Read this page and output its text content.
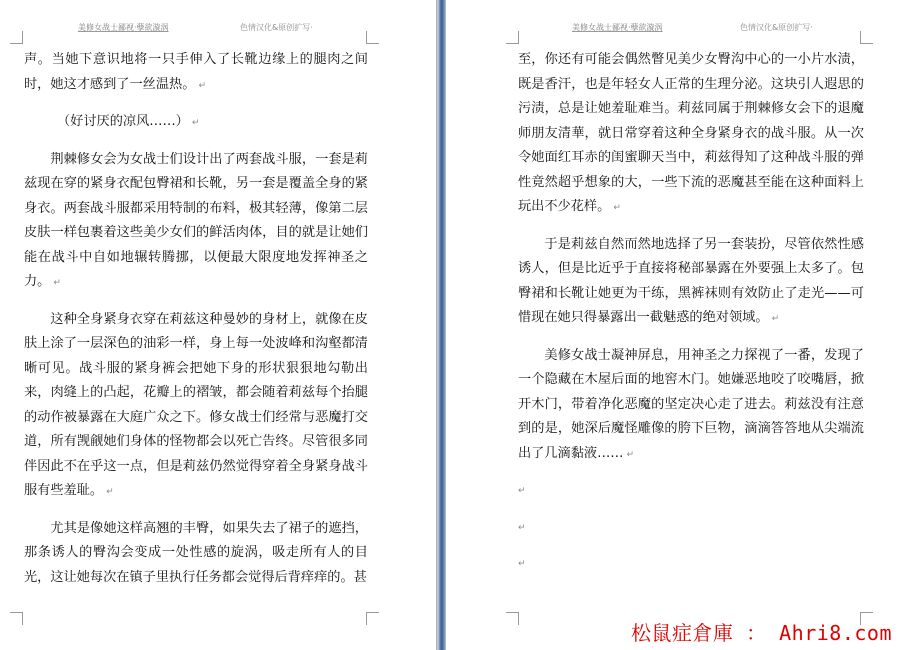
美修女战士鄙视·孽欲漩涡	色情汉化&原创扩写·

声。当她下意识地将一只手伸入了长靴边缘上的腿肉之间时，她这才感到了一丝温热。 ↵

（好讨厌的凉风……） ↵

荆棘修女会为女战士们设计出了两套战斗服，一套是莉兹现在穿的紧身衣配包臀裙和长靴，另一套是覆盖全身的紧身衣。两套战斗服都采用特制的布料，极其轻薄，像第二层皮肤一样包裹着这些美少女们的鲜活肉体，目的就是让她们能在战斗中自如地辗转腾挪，以便最大限度地发挥神圣之力。 ↵

这种全身紧身衣穿在莉兹这种曼妙的身材上，就像在皮肤上涂了一层深色的油彩一样，身上每一处波峰和沟壑都清晰可见。战斗服的紧身裤会把她下身的形状狠狠地勾勒出来，肉缝上的凸起，花瓣上的褶皱，都会随着莉兹每个抬腿的动作被暴露在大庭广众之下。修女战士们经常与恶魔打交道，所有觊觎她们身体的怪物都会以死亡告终。尽管很多同伴因此不在乎这一点，但是莉兹仍然觉得穿着全身紧身战斗服有些羞耻。 ↵

尤其是像她这样高翘的丰臀，如果失去了裙子的遮挡，那条诱人的臀沟会变成一处性感的旋涡，吸走所有人的目光，这让她每次在镇子里执行任务都会觉得后背痒痒的。甚

美修女战士鄙视·孽欲漩涡	色情汉化&原创扩写·

至，你还有可能会偶然瞥见美少女臀沟中心的一小片水渍，既是香汗，也是年轻女人正常的生理分泌。这块引人遐思的污渍，总是让她羞耻难当。莉兹同属于荆棘修女会下的退魔师朋友清華，就日常穿着这种全身紧身衣的战斗服。从一次令她面红耳赤的闺蜜聊天当中，莉兹得知了这种战斗服的弹性竟然超乎想象的大，一些下流的恶魔甚至能在这种面料上玩出不少花样。 ↵

于是莉兹自然而然地选择了另一套装扮，尽管依然性感诱人，但是比近乎于直接将秘部暴露在外要强上太多了。包臀裙和长靴让她更为干练，黑裤袜则有效防止了走光——可惜现在她只得暴露出一截魅惑的绝对领域。 ↵

美修女战士凝神屏息，用神圣之力探视了一番，发现了一个隐藏在木屋后面的地窖木门。她嫌恶地咬了咬嘴唇，掀开木门，带着净化恶魔的坚定决心走了进去。莉兹没有注意到的是，她深后魔怪雕像的胯下巨物，滴滴答答地从尖端流出了几滴黏液…… ↵

↵
↵
↵
松鼠症倉庫 ： Ahri8.com
